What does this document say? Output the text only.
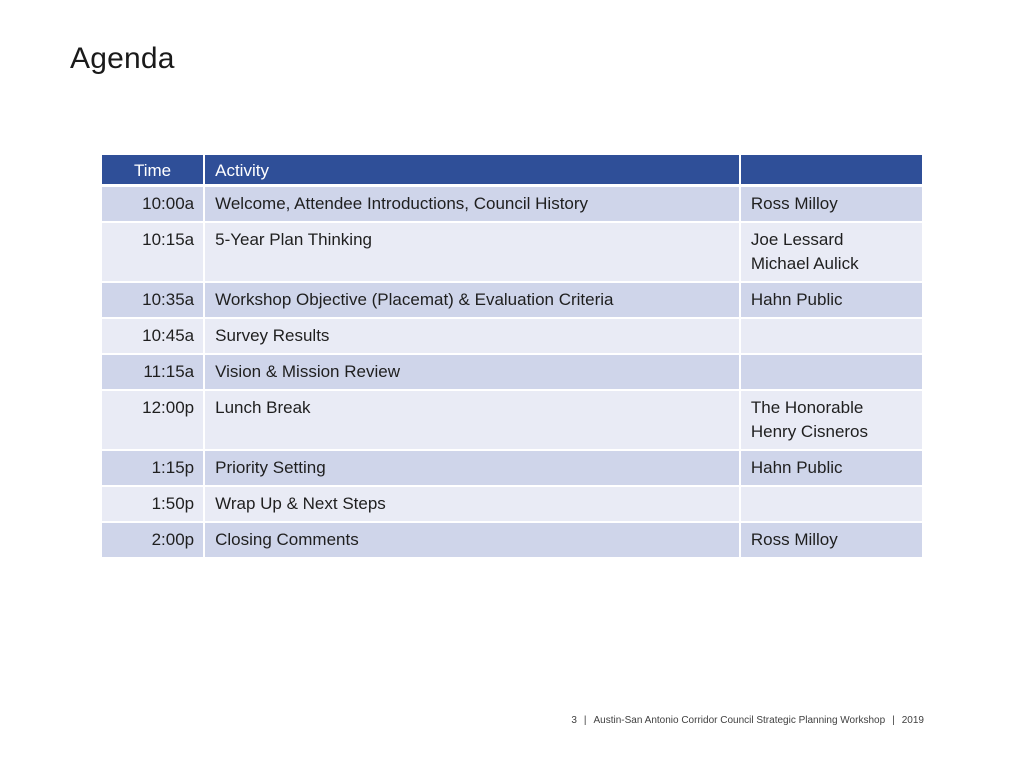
Agenda
Time	Activity	
10:00a	Welcome, Attendee Introductions, Council History	Ross Milloy

10:15a	5-Year Plan Thinking	Joe Lessard
Michael Aulick

10:35a	Workshop Objective (Placemat) & Evaluation Criteria	Hahn Public

10:45a	Survey Results	
11:15a	Vision & Mission Review	
12:00p	Lunch Break	The Honorable
Henry Cisneros

1:15p	Priority Setting	Hahn Public

1:50p	Wrap Up & Next Steps	
2:00p	Closing Comments	Ross Milloy
3 | Austin-San Antonio Corridor Council Strategic Planning Workshop | 2019
